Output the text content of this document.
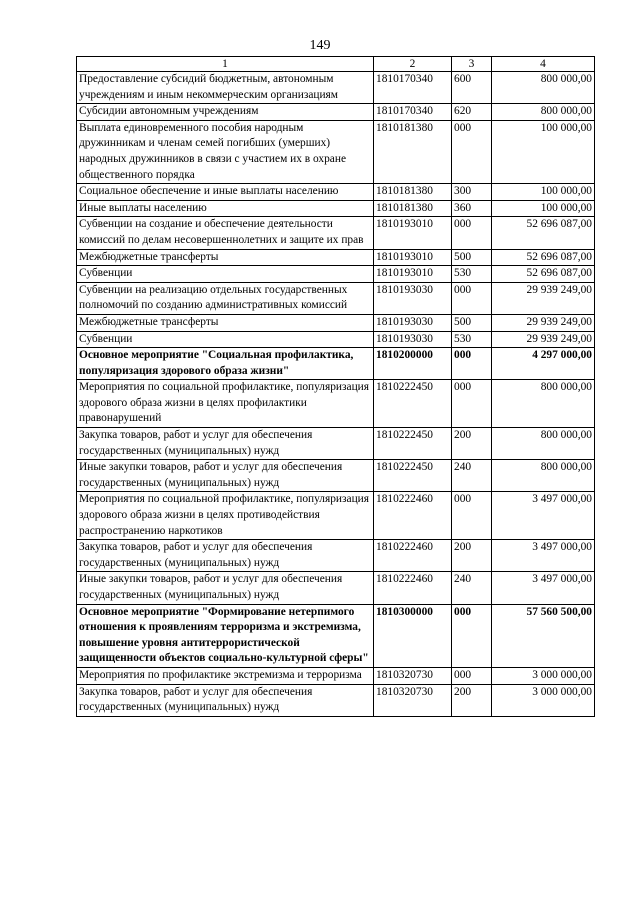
149
1	2	3	4
Предоставление субсидий бюджетным, автономным учреждениям и иным некоммерческим организациям	1810170340	600	800 000,00
Субсидии автономным учреждениям	1810170340	620	800 000,00
Выплата единовременного пособия народным дружинникам и членам семей погибших (умерших) народных дружинников в связи с участием их в охране общественного порядка	1810181380	000	100 000,00
Социальное обеспечение и иные выплаты населению	1810181380	300	100 000,00
Иные выплаты населению	1810181380	360	100 000,00
Субвенции на создание и обеспечение деятельности комиссий по делам несовершеннолетних и защите их прав	1810193010	000	52 696 087,00
Межбюджетные трансферты	1810193010	500	52 696 087,00
Субвенции	1810193010	530	52 696 087,00
Субвенции на реализацию отдельных государственных полномочий по созданию административных комиссий	1810193030	000	29 939 249,00
Межбюджетные трансферты	1810193030	500	29 939 249,00
Субвенции	1810193030	530	29 939 249,00
Основное мероприятие "Социальная профилактика, популяризация здорового образа жизни"	1810200000	000	4 297 000,00
Мероприятия по социальной профилактике, популяризация здорового образа жизни в целях профилактики правонарушений	1810222450	000	800 000,00
Закупка товаров, работ и услуг для обеспечения государственных (муниципальных) нужд	1810222450	200	800 000,00
Иные закупки товаров, работ и услуг для обеспечения государственных (муниципальных) нужд	1810222450	240	800 000,00
Мероприятия по социальной профилактике, популяризация здорового образа жизни в целях противодействия распространению наркотиков	1810222460	000	3 497 000,00
Закупка товаров, работ и услуг для обеспечения государственных (муниципальных) нужд	1810222460	200	3 497 000,00
Иные закупки товаров, работ и услуг для обеспечения государственных (муниципальных) нужд	1810222460	240	3 497 000,00
Основное мероприятие "Формирование нетерпимого отношения к проявлениям терроризма и экстремизма, повышение уровня антитеррористической защищенности объектов социально-культурной сферы"	1810300000	000	57 560 500,00
Мероприятия по профилактике экстремизма и терроризма	1810320730	000	3 000 000,00
Закупка товаров, работ и услуг для обеспечения государственных (муниципальных) нужд	1810320730	200	3 000 000,00
